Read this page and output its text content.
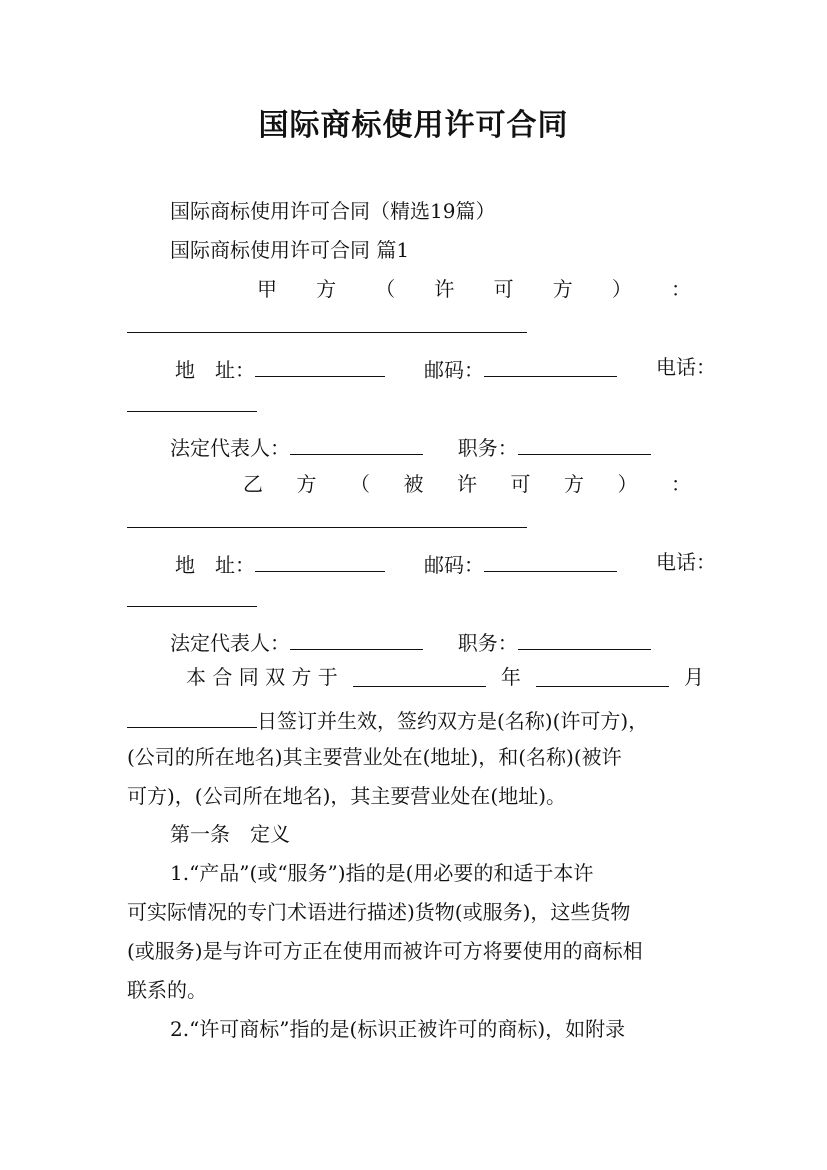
国际商标使用许可合同
国际商标使用许可合同（精选19篇）
国际商标使用许可合同 篇1
甲 方 （ 许 可 方 ） ：
地　址：	邮码：	电话：
法定代表人：	职务：
乙 方 （ 被 许 可 方 ） ：
地　址：	邮码：	电话：
法定代表人：	职务：
本 合 同 双 方 于	年	月
日签订并生效，签约双方是(名称)(许可方)，
(公司的所在地名)其主要营业处在(地址)，和(名称)(被许
可方)，(公司所在地名)，其主要营业处在(地址)。
第一条　定义
1.“产品”(或“服务”)指的是(用必要的和适于本许
可实际情况的专门术语进行描述)货物(或服务)，这些货物
(或服务)是与许可方正在使用而被许可方将要使用的商标相
联系的。
2.“许可商标”指的是(标识正被许可的商标)，如附录
